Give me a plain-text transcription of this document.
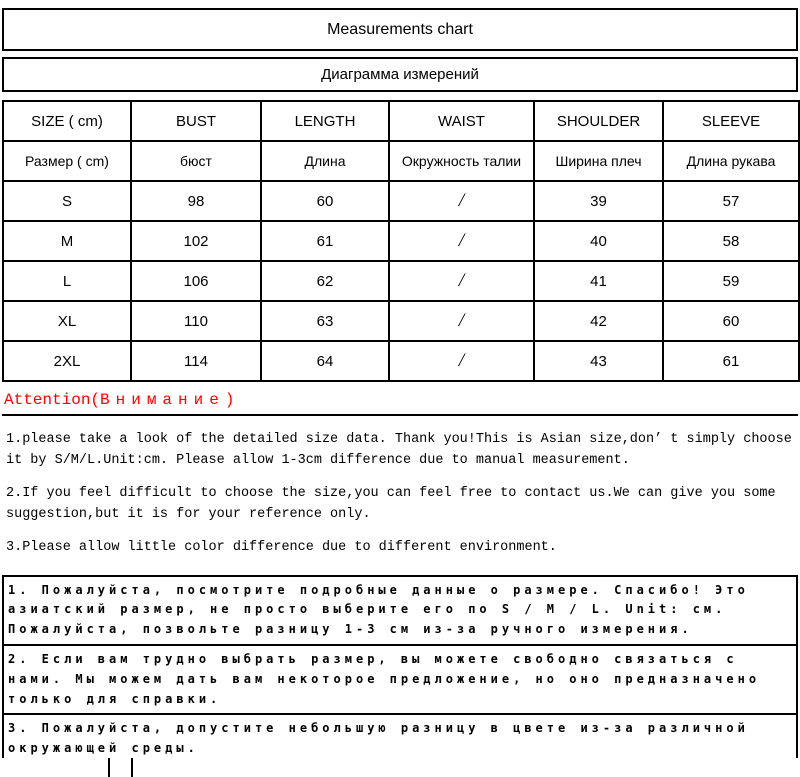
Measurements chart
Диаграмма измерений
SIZE ( cm)	BUST	LENGTH	WAIST	SHOULDER	SLEEVE
Размер ( cm)	бюст	Длина	Окружность талии	Ширина плеч	Длина рукава
S	98	60	/	39	57
M	102	61	/	40	58
L	106	62	/	41	59
XL	110	63	/	42	60
2XL	114	64	/	43	61
Attention(Внимание)

1.please take a look of the detailed size data. Thank you!This is Asian size,don’ t simply choose it by S/M/L.Unit:cm. Please allow 1-3cm difference due to manual measurement.

2.If you feel difficult to choose the size,you can feel free to contact us.We can give you some suggestion,but it is for your reference only.

3.Please allow little color difference due to different environment.

1. Пожалуйста, посмотрите подробные данные о размере. Спасибо! Это азиатский размер, не просто выберите его по S / M / L. Unit: см. Пожалуйста, позвольте разницу 1-3 см из-за ручного измерения.
2. Если вам трудно выбрать размер, вы можете свободно связаться с нами. Мы можем дать вам некоторое предложение, но оно предназначено только для справки.
3. Пожалуйста, допустите небольшую разницу в цвете из-за различной окружающей среды.
